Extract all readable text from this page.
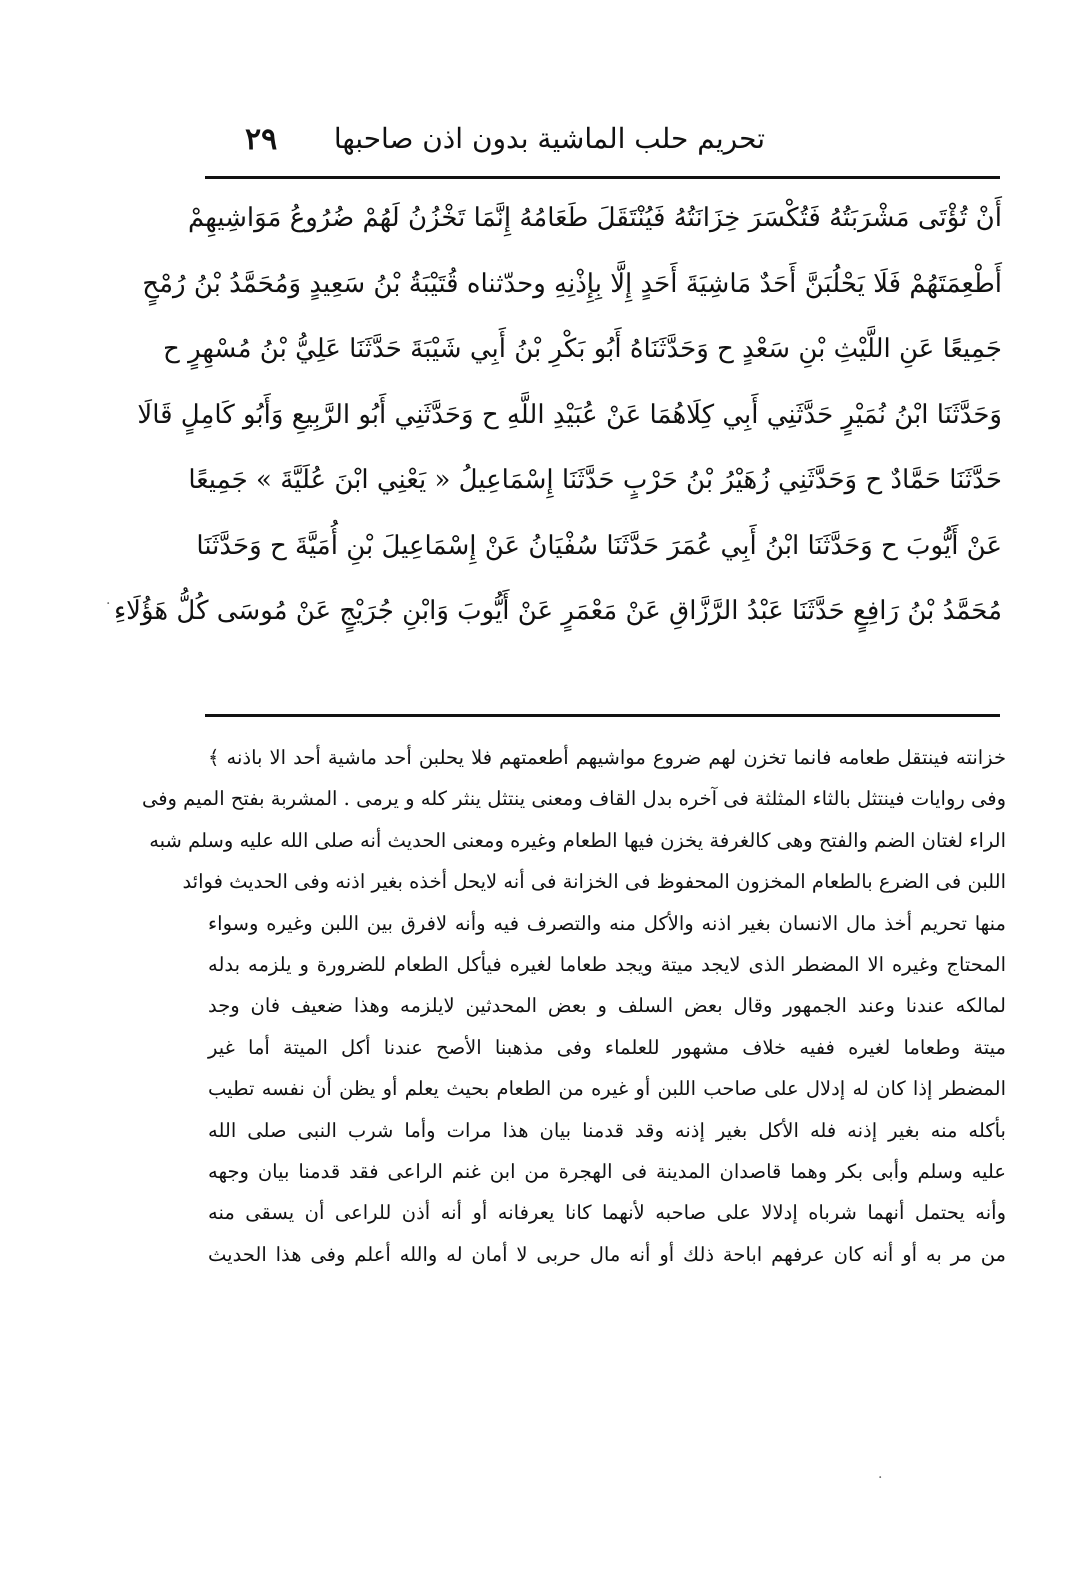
تحريم حلب الماشية بدون اذن صاحبها
٢٩
أَنْ تُؤْتَى مَشْرَبَتُهُ فَتُكْسَرَ خِزَانَتُهُ فَيُنْتَقَلَ طَعَامُهُ إِنَّمَا تَخْزُنُ لَهُمْ ضُرُوعُ مَوَاشِيهِمْ
أَطْعِمَتَهُمْ فَلَا يَحْلُبَنَّ أَحَدٌ مَاشِيَةَ أَحَدٍ إِلَّا بِإِذْنِهِ وحدّثناه قُتَيْبَةُ بْنُ سَعِيدٍ وَمُحَمَّدُ بْنُ رُمْحٍ
جَمِيعًا عَنِ اللَّيْثِ بْنِ سَعْدٍ ح وَحَدَّثَنَاهُ أَبُو بَكْرِ بْنُ أَبِي شَيْبَةَ حَدَّثَنَا عَلِيُّ بْنُ مُسْهِرٍ ح
وَحَدَّثَنَا ابْنُ نُمَيْرٍ حَدَّثَنِي أَبِي كِلَاهُمَا عَنْ عُبَيْدِ اللَّهِ ح وَحَدَّثَنِي أَبُو الرَّبِيعِ وَأَبُو كَامِلٍ قَالَا
حَدَّثَنَا حَمَّادٌ ح وَحَدَّثَنِي زُهَيْرُ بْنُ حَرْبٍ حَدَّثَنَا إِسْمَاعِيلُ « يَعْنِي ابْنَ عُلَيَّةَ » جَمِيعًا
عَنْ أَيُّوبَ ح وَحَدَّثَنَا ابْنُ أَبِي عُمَرَ حَدَّثَنَا سُفْيَانُ عَنْ إِسْمَاعِيلَ بْنِ أُمَيَّةَ ح وَحَدَّثَنَا
مُحَمَّدُ بْنُ رَافِعٍ حَدَّثَنَا عَبْدُ الرَّزَّاقِ عَنْ مَعْمَرٍ عَنْ أَيُّوبَ وَابْنِ جُرَيْجٍ عَنْ مُوسَى كُلُّ هَؤُلَاءِ
خزانته فينتقل طعامه فانما تخزن لهم ضروع مواشيهم أطعمتهم فلا يحلبن أحد ماشية أحد الا باذنه ﴾
وفى روايات فينتثل بالثاء المثلثة فى آخره بدل القاف ومعنى ينتثل ينثر كله و يرمى . المشربة بفتح الميم وفى
الراء لغتان الضم والفتح وهى كالغرفة يخزن فيها الطعام وغيره ومعنى الحديث أنه صلى الله عليه وسلم شبه
اللبن فى الضرع بالطعام المخزون المحفوظ فى الخزانة فى أنه لايحل أخذه بغير اذنه وفى الحديث فوائد
منها تحريم أخذ مال الانسان بغير اذنه والأكل منه والتصرف فيه وأنه لافرق بين اللبن وغيره وسواء
المحتاج وغيره الا المضطر الذى لايجد ميتة ويجد طعاما لغيره فيأكل الطعام للضرورة و يلزمه بدله
لمالكه عندنا وعند الجمهور وقال بعض السلف و بعض المحدثين لايلزمه وهذا ضعيف فان وجد
ميتة وطعاما لغيره ففيه خلاف مشهور للعلماء وفى مذهبنا الأصح عندنا أكل الميتة أما غير
المضطر إذا كان له إدلال على صاحب اللبن أو غيره من الطعام بحيث يعلم أو يظن أن نفسه تطيب
بأكله منه بغير إذنه فله الأكل بغير إذنه وقد قدمنا بيان هذا مرات وأما شرب النبى صلى الله
عليه وسلم وأبى بكر وهما قاصدان المدينة فى الهجرة من ابن غنم الراعى فقد قدمنا بيان وجهه
وأنه يحتمل أنهما شرباه إدلالا على صاحبه لأنهما كانا يعرفانه أو أنه أذن للراعى أن يسقى منه
من مر به أو أنه كان عرفهم اباحة ذلك أو أنه مال حربى لا أمان له والله أعلم وفى هذا الحديث
·
·
